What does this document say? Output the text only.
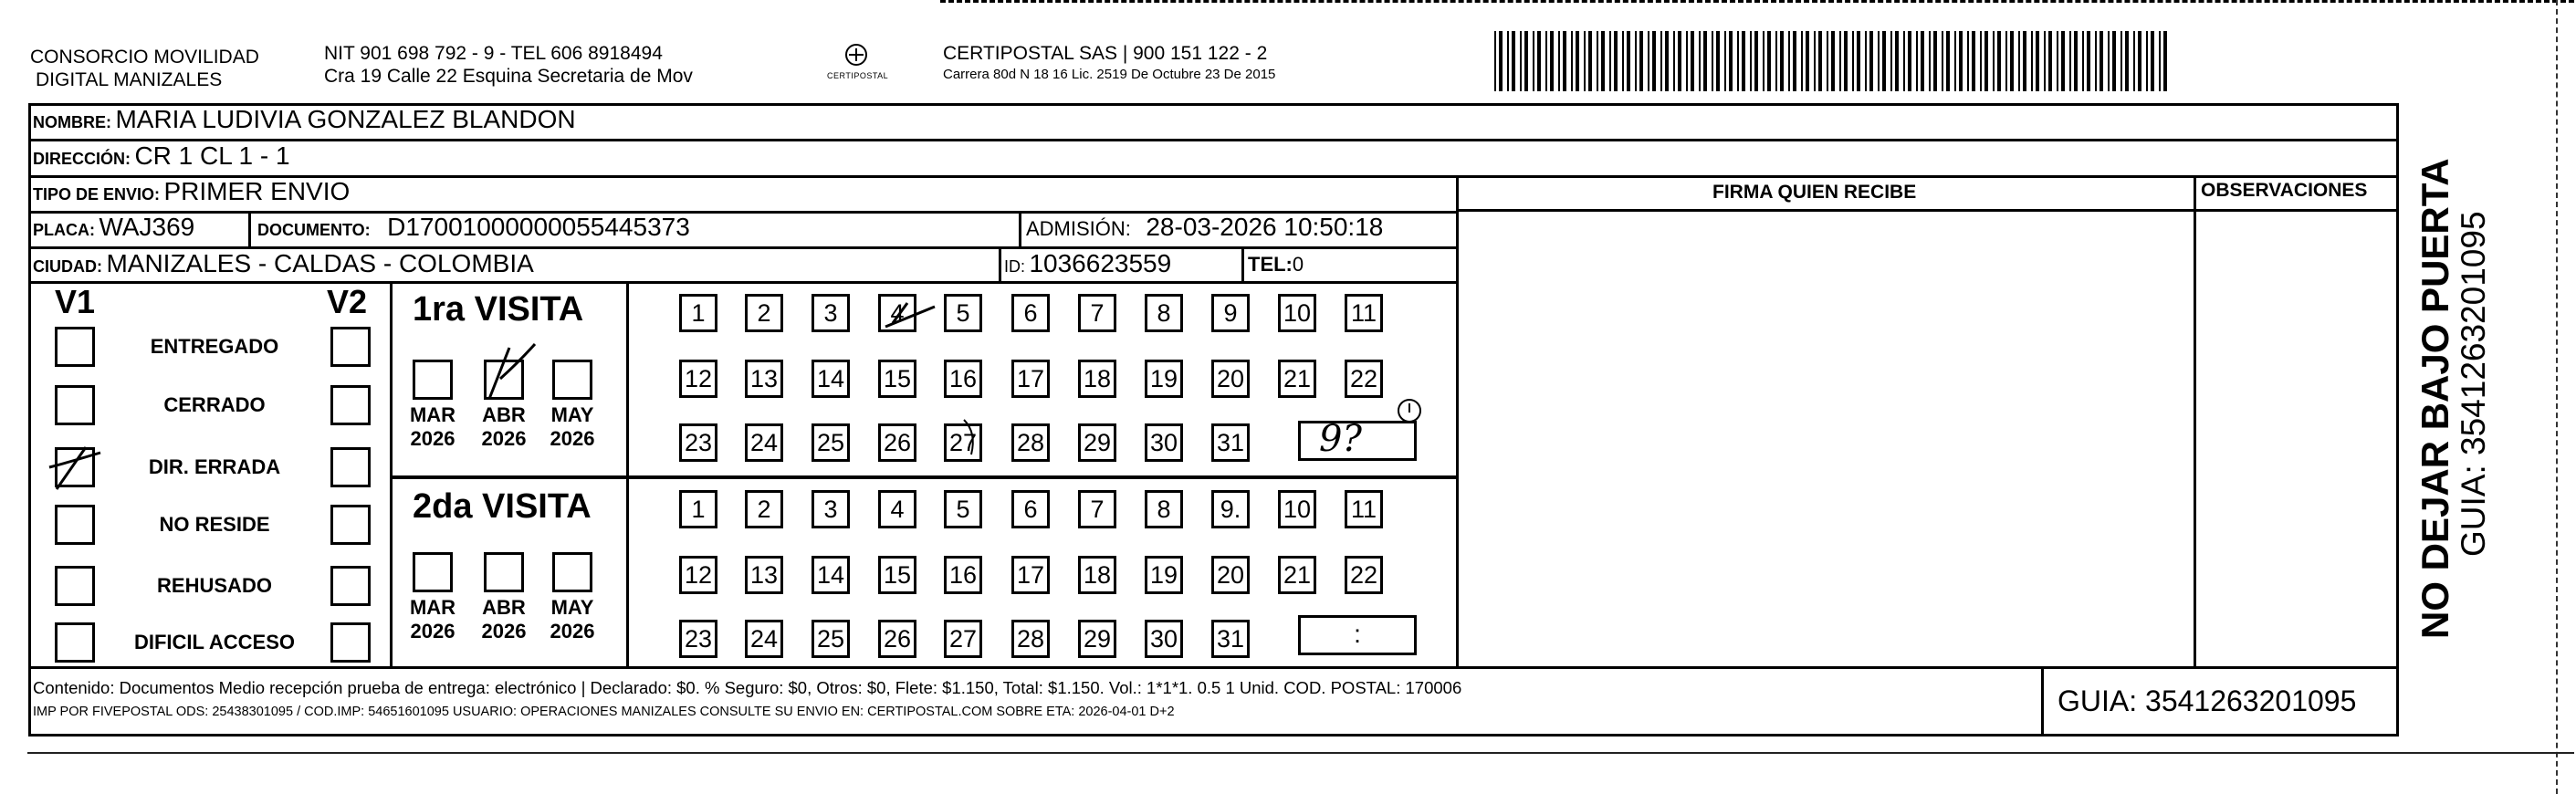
CONSORCIO MOVILIDAD
DIGITAL MANIZALES
NIT 901 698 792 - 9 - TEL 606 8918494
Cra 19 Calle 22 Esquina Secretaria de Mov	CERTIPOSTAL
CERTIPOSTAL SAS | 900 151 122 - 2
Carrera 80d N 18 16 Lic. 2519 De Octubre 23 De 2015
NOMBRE: MARIA LUDIVIA GONZALEZ BLANDON
DIRECCIÓN: CR 1 CL 1 - 1
TIPO DE ENVIO: PRIMER ENVIO	FIRMA QUIEN RECIBE	OBSERVACIONES
PLACA: WAJ369	DOCUMENTO: D17001000000055445373	ADMISIÓN: 28-03-2026 10:50:18
CIUDAD: MANIZALES - CALDAS - COLOMBIA	ID: 1036623559	TEL:0
V1	V2
ENTREGADO
CERRADO
DIR. ERRADA
NO RESIDE
REHUSADO
DIFICIL ACCESO
1ra VISITA
MAR
2026
ABR
2026
MAY
2026
1	2	3	4	5	6	7	8	9	10 11
12 13 14 15 16 17 18 19 20 21 22
23 24 25 26 27 28 29 30 31 9?
2da VISITA
MAR
2026
ABR
2026
MAY
2026
1	2	3	4	5	6	7	8	9.	10 11
12 13 14 15 16 17 18 19 20 21 22
23 24 25 26 27 28 29 30 31	:
Contenido: Documentos Medio recepción prueba de entrega: electrónico | Declarado: $0. % Seguro: $0, Otros: $0, Flete: $1.150, Total: $1.150. Vol.: 1*1*1. 0.5 1 Unid. COD. POSTAL: 170006
IMP POR FIVEPOSTAL ODS: 25438301095 / COD.IMP: 54651601095 USUARIO: OPERACIONES MANIZALES CONSULTE SU ENVIO EN: CERTIPOSTAL.COM SOBRE ETA: 2026-04-01 D+2	GUIA: 3541263201095
NO DEJAR BAJO PUERTA
GUIA: 3541263201095
